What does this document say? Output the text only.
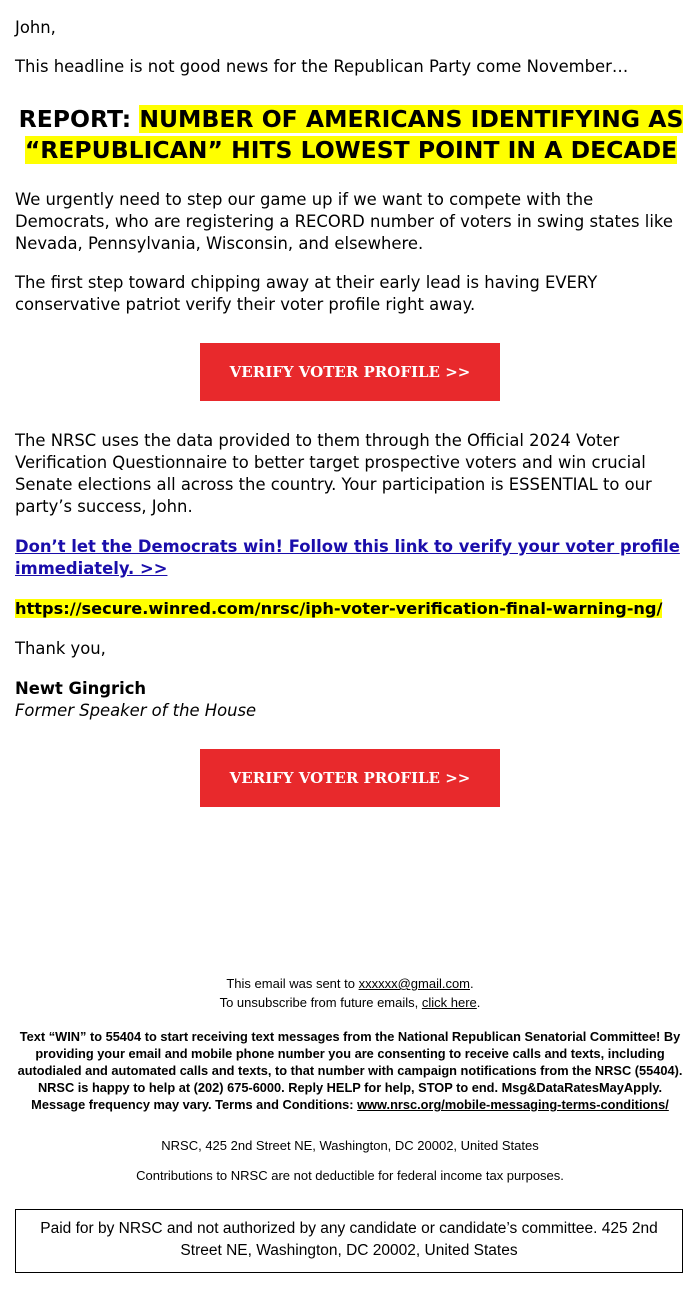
John,

This headline is not good news for the Republican Party come November…

REPORT: NUMBER OF AMERICANS IDENTIFYING AS
“REPUBLICAN” HITS LOWEST POINT IN A DECADE

We urgently need to step our game up if we want to compete with the Democrats, who are registering a RECORD number of voters in swing states like Nevada, Pennsylvania, Wisconsin, and elsewhere.

The first step toward chipping away at their early lead is having EVERY conservative patriot verify their voter profile right away.

The NRSC uses the data provided to them through the Official 2024 Voter Verification Questionnaire to better target prospective voters and win crucial Senate elections all across the country. Your participation is ESSENTIAL to our party’s success, John.

Don’t let the Democrats win! Follow this link to verify your voter profile immediately. >>

https://secure.winred.com/nrsc/iph-voter-verification-final-warning-ng/

Thank you,

Newt Gingrich

Former Speaker of the House

VERIFY VOTER PROFILE >>
VERIFY VOTER PROFILE >>
This email was sent to xxxxxx@gmail.com.
To unsubscribe from future emails, click here.
Text “WIN” to 55404 to start receiving text messages from the National Republican Senatorial Committee! By providing your email and mobile phone number you are consenting to receive calls and texts, including autodialed and automated calls and texts, to that number with campaign notifications from the NRSC (55404). NRSC is happy to help at (202) 675-6000. Reply HELP for help, STOP to end. Msg&DataRatesMayApply. Message frequency may vary. Terms and Conditions: www.nrsc.org/mobile-messaging-terms-conditions/
NRSC, 425 2nd Street NE, Washington, DC 20002, United States
Contributions to NRSC are not deductible for federal income tax purposes.
Paid for by NRSC and not authorized by any candidate or candidate’s committee. 425 2nd Street NE, Washington, DC 20002, United States
